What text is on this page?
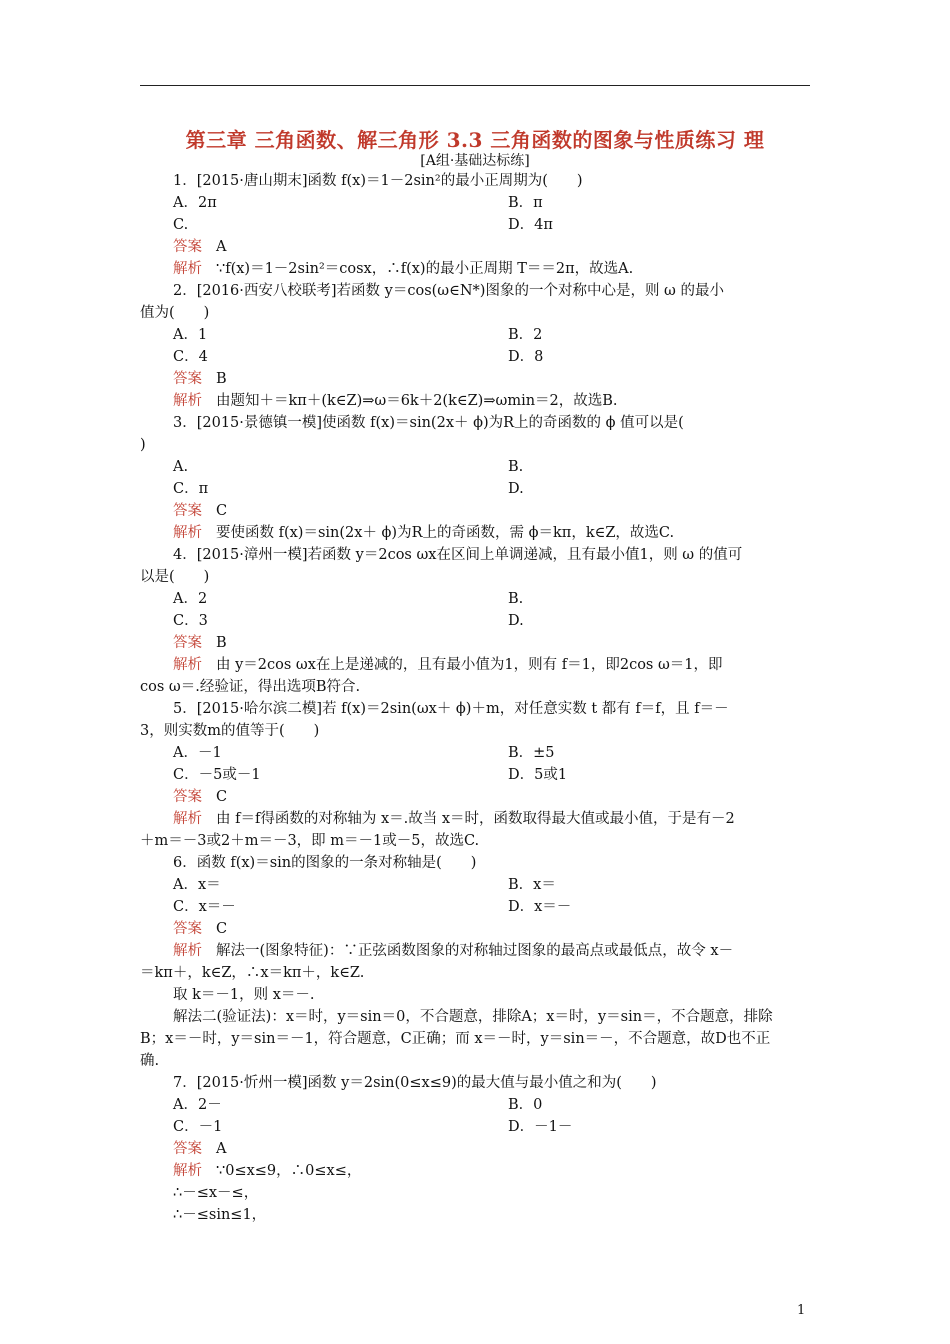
第三章 三角函数、解三角形 3.3 三角函数的图象与性质练习 理
[A组·基础达标练]
1．[2015·唐山期末]函数 f(x)＝1－2sin²的最小正周期为(　　)
A．2π	B．π
C.	D．4π
答案 A
解析 ∵f(x)＝1－2sin²＝cosx，∴f(x)的最小正周期 T＝＝2π，故选A.
2．[2016·西安八校联考]若函数 y＝cos(ω∈N*)图象的一个对称中心是，则 ω 的最小
值为(　　)
A．1	B．2
C．4	D．8
答案 B
解析 由题知＋＝kπ＋(k∈Z)⇒ω＝6k＋2(k∈Z)⇒ωmin＝2，故选B.
3．[2015·景德镇一模]使函数 f(x)＝sin(2x＋ ϕ)为R上的奇函数的 ϕ 值可以是(
)
A.	B.
C．π	D.
答案 C
解析 要使函数 f(x)＝sin(2x＋ ϕ)为R上的奇函数，需 ϕ＝kπ，k∈Z，故选C.
4．[2015·漳州一模]若函数 y＝2cos ωx在区间上单调递减，且有最小值1，则 ω 的值可
以是(　　)
A．2	B.
C．3	D.
答案 B
解析 由 y＝2cos ωx在上是递减的，且有最小值为1，则有 f＝1，即2cos ω＝1，即
cos ω＝.经验证，得出选项B符合.
5．[2015·哈尔滨二模]若 f(x)＝2sin(ωx＋ ϕ)＋m，对任意实数 t 都有 f＝f，且 f＝－
3，则实数m的值等于(　　)
A．－1	B．±5
C．－5或－1	D．5或1
答案 C
解析 由 f＝f得函数的对称轴为 x＝.故当 x＝时，函数取得最大值或最小值，于是有－2
＋m＝－3或2＋m＝－3，即 m＝－1或－5，故选C.
6．函数 f(x)＝sin的图象的一条对称轴是(　　)
A．x＝	B．x＝
C．x＝－	D．x＝－
答案 C
解析 解法一(图象特征)：∵正弦函数图象的对称轴过图象的最高点或最低点，故令 x－
＝kπ＋，k∈Z，∴x＝kπ＋，k∈Z.
取 k＝－1，则 x＝－.
解法二(验证法)：x＝时，y＝sin＝0，不合题意，排除A；x＝时，y＝sin＝，不合题意，排除
B；x＝－时，y＝sin＝－1，符合题意，C正确；而 x＝－时，y＝sin＝－，不合题意，故D也不正
确.
7．[2015·忻州一模]函数 y＝2sin(0≤x≤9)的最大值与最小值之和为(　　)
A．2－	B．0
C．－1	D．－1－
答案 A
解析 ∵0≤x≤9，∴0≤x≤，
∴－≤x－≤，
∴－≤sin≤1，
1
